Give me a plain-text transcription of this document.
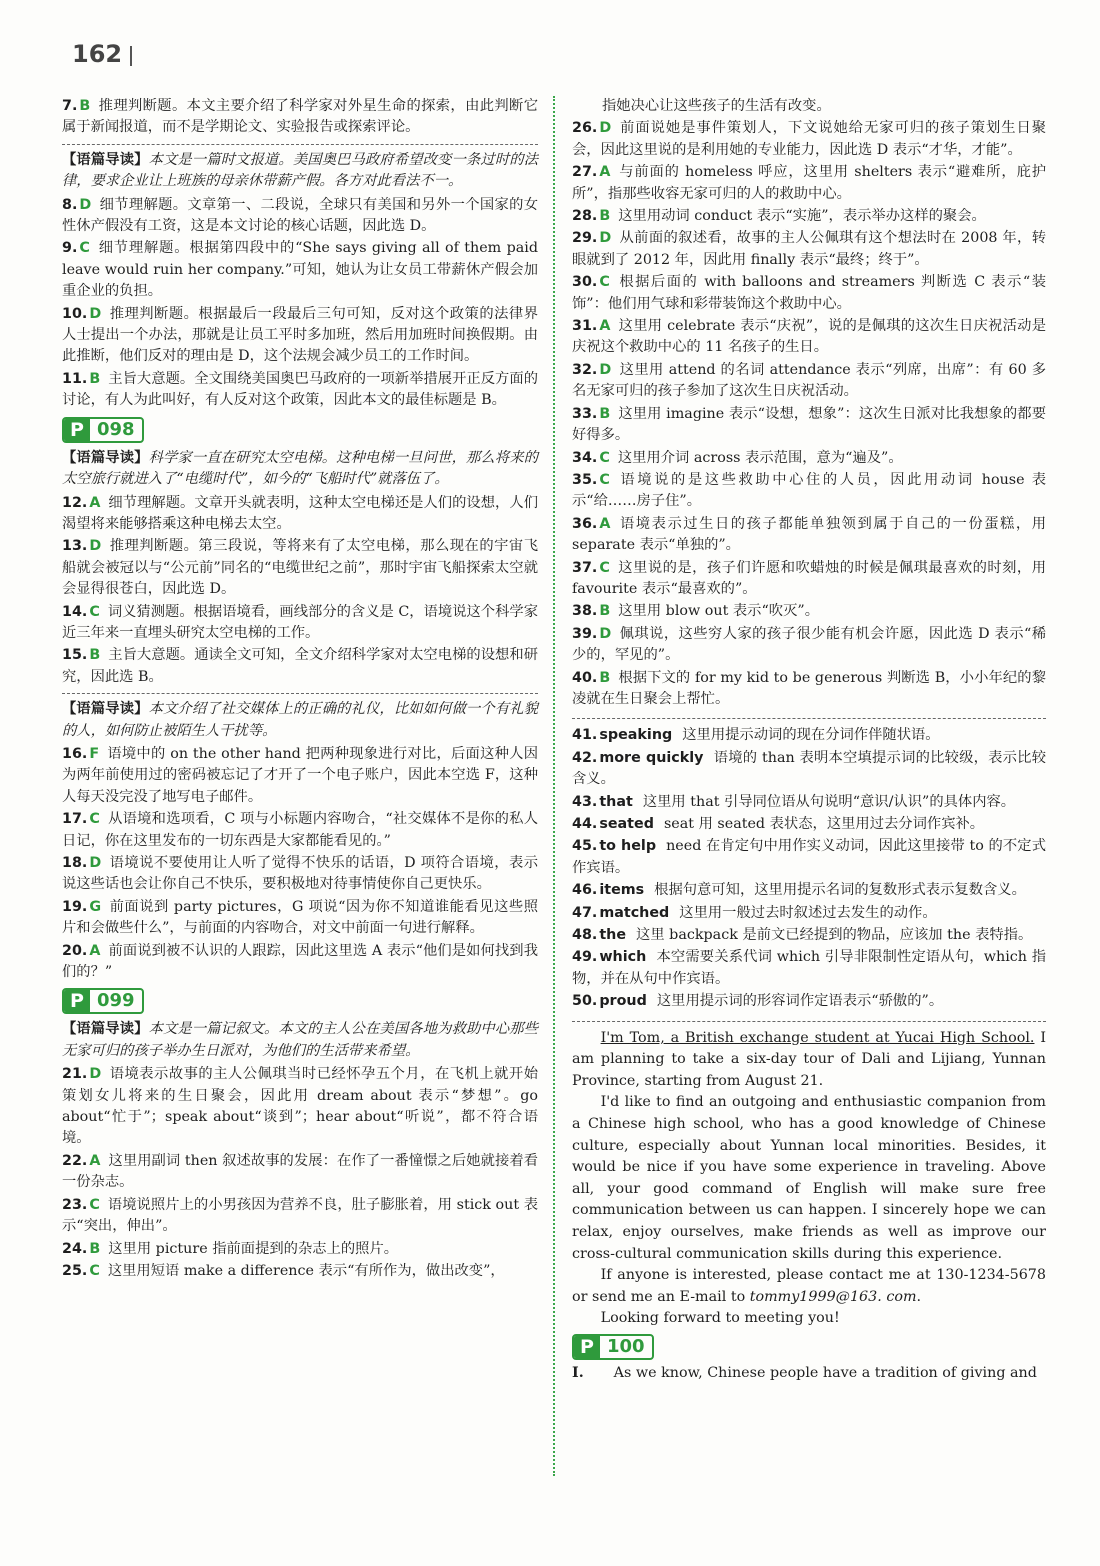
162
7. B 推理判断题。本文主要介绍了科学家对外星生命的探索，由此判断它属于新闻报道，而不是学期论文、实验报告或探索评论。
【语篇导读】本文是一篇时文报道。美国奥巴马政府希望改变一条过时的法律，要求企业让上班族的母亲休带薪产假。各方对此看法不一。
8. D 细节理解题。文章第一、二段说，全球只有美国和另外一个国家的女性休产假没有工资，这是本文讨论的核心话题，因此选 D。
9. C 细节理解题。根据第四段中的“She says giving all of them paid leave would ruin her company.”可知，她认为让女员工带薪休产假会加重企业的负担。
10. D 推理判断题。根据最后一段最后三句可知，反对这个政策的法律界人士提出一个办法，那就是让员工平时多加班，然后用加班时间换假期。由此推断，他们反对的理由是 D，这个法规会减少员工的工作时间。
11. B 主旨大意题。全文围绕美国奥巴马政府的一项新举措展开正反方面的讨论，有人为此叫好，有人反对这个政策，因此本文的最佳标题是 B。
P 098
【语篇导读】科学家一直在研究太空电梯。这种电梯一旦问世，那么将来的太空旅行就进入了“电缆时代”，如今的“飞船时代”就落伍了。
12. A 细节理解题。文章开头就表明，这种太空电梯还是人们的设想，人们渴望将来能够搭乘这种电梯去太空。
13. D 推理判断题。第三段说，等将来有了太空电梯，那么现在的宇宙飞船就会被冠以与“公元前”同名的“电缆世纪之前”，那时宇宙飞船探索太空就会显得很苍白，因此选 D。
14. C 词义猜测题。根据语境看，画线部分的含义是 C，语境说这个科学家近三年来一直埋头研究太空电梯的工作。
15. B 主旨大意题。通读全文可知，全文介绍科学家对太空电梯的设想和研究，因此选 B。
【语篇导读】本文介绍了社交媒体上的正确的礼仪，比如如何做一个有礼貌的人，如何防止被陌生人干扰等。
16. F 语境中的 on the other hand 把两种现象进行对比，后面这种人因为两年前使用过的密码被忘记了才开了一个电子账户，因此本空选 F，这种人每天没完没了地写电子邮件。
17. C 从语境和选项看，C 项与小标题内容吻合，“社交媒体不是你的私人日记，你在这里发布的一切东西是大家都能看见的。”
18. D 语境说不要使用让人听了觉得不快乐的话语，D 项符合语境，表示说这些话也会让你自己不快乐，要积极地对待事情使你自己更快乐。
19. G 前面说到 party pictures，G 项说“因为你不知道谁能看见这些照片和会做些什么”，与前面的内容吻合，对文中前面一句进行解释。
20. A 前面说到被不认识的人跟踪，因此这里选 A 表示“他们是如何找到我们的？”
P 099
【语篇导读】本文是一篇记叙文。本文的主人公在美国各地为救助中心那些无家可归的孩子举办生日派对，为他们的生活带来希望。
21. D 语境表示故事的主人公佩琪当时已经怀孕五个月，在飞机上就开始策划女儿将来的生日聚会，因此用 dream about 表示“梦想”。go about“忙于”；speak about“谈到”；hear about“听说”，都不符合语境。
22. A 这里用副词 then 叙述故事的发展：在作了一番憧憬之后她就接着看一份杂志。
23. C 语境说照片上的小男孩因为营养不良，肚子膨胀着，用 stick out 表示“突出，伸出”。
24. B 这里用 picture 指前面提到的杂志上的照片。
25. C 这里用短语 make a difference 表示“有所作为，做出改变”，
指她决心让这些孩子的生活有改变。
26. D 前面说她是事件策划人，下文说她给无家可归的孩子策划生日聚会，因此这里说的是利用她的专业能力，因此选 D 表示“才华，才能”。
27. A 与前面的 homeless 呼应，这里用 shelters 表示“避难所，庇护所”，指那些收容无家可归的人的救助中心。
28. B 这里用动词 conduct 表示“实施”，表示举办这样的聚会。
29. D 从前面的叙述看，故事的主人公佩琪有这个想法时在 2008 年，转眼就到了 2012 年，因此用 finally 表示“最终；终于”。
30. C 根据后面的 with balloons and streamers 判断选 C 表示“装饰”：他们用气球和彩带装饰这个救助中心。
31. A 这里用 celebrate 表示“庆祝”，说的是佩琪的这次生日庆祝活动是庆祝这个救助中心的 11 名孩子的生日。
32. D 这里用 attend 的名词 attendance 表示“列席，出席”：有 60 多名无家可归的孩子参加了这次生日庆祝活动。
33. B 这里用 imagine 表示“设想，想象”：这次生日派对比我想象的都要好得多。
34. C 这里用介词 across 表示范围，意为“遍及”。
35. C 语境说的是这些救助中心住的人员，因此用动词 house 表示“给……房子住”。
36. A 语境表示过生日的孩子都能单独领到属于自己的一份蛋糕，用 separate 表示“单独的”。
37. C 这里说的是，孩子们许愿和吹蜡烛的时候是佩琪最喜欢的时刻，用 favourite 表示“最喜欢的”。
38. B 这里用 blow out 表示“吹灭”。
39. D 佩琪说，这些穷人家的孩子很少能有机会许愿，因此选 D 表示“稀少的，罕见的”。
40. B 根据下文的 for my kid to be generous 判断选 B，小小年纪的黎凌就在生日聚会上帮忙。
41. speaking 这里用提示动词的现在分词作伴随状语。
42. more quickly 语境的 than 表明本空填提示词的比较级，表示比较含义。
43. that 这里用 that 引导同位语从句说明“意识/认识”的具体内容。
44. seated seat 用 seated 表状态，这里用过去分词作宾补。
45. to help need 在肯定句中用作实义动词，因此这里接带 to 的不定式作宾语。
46. items 根据句意可知，这里用提示名词的复数形式表示复数含义。
47. matched 这里用一般过去时叙述过去发生的动作。
48. the 这里 backpack 是前文已经提到的物品，应该加 the 表特指。
49. which 本空需要关系代词 which 引导非限制性定语从句，which 指物，并在从句中作宾语。
50. proud 这里用提示词的形容词作定语表示“骄傲的”。

I'm Tom, a British exchange student at Yucai High School. I am planning to take a six-day tour of Dali and Lijiang, Yunnan Province, starting from August 21.

I'd like to find an outgoing and enthusiastic companion from a Chinese high school, who has a good knowledge of Chinese culture, especially about Yunnan local minorities. Besides, it would be nice if you have some experience in traveling. Above all, your good command of English will make sure free communication between us can happen. I sincerely hope we can relax, enjoy ourselves, make friends as well as improve our cross-cultural communication skills during this experience.

If anyone is interested, please contact me at 130-1234-5678 or send me an E-mail to tommy1999@163. com.

Looking forward to meeting you!

P 100
I. As we know, Chinese people have a tradition of giving and
